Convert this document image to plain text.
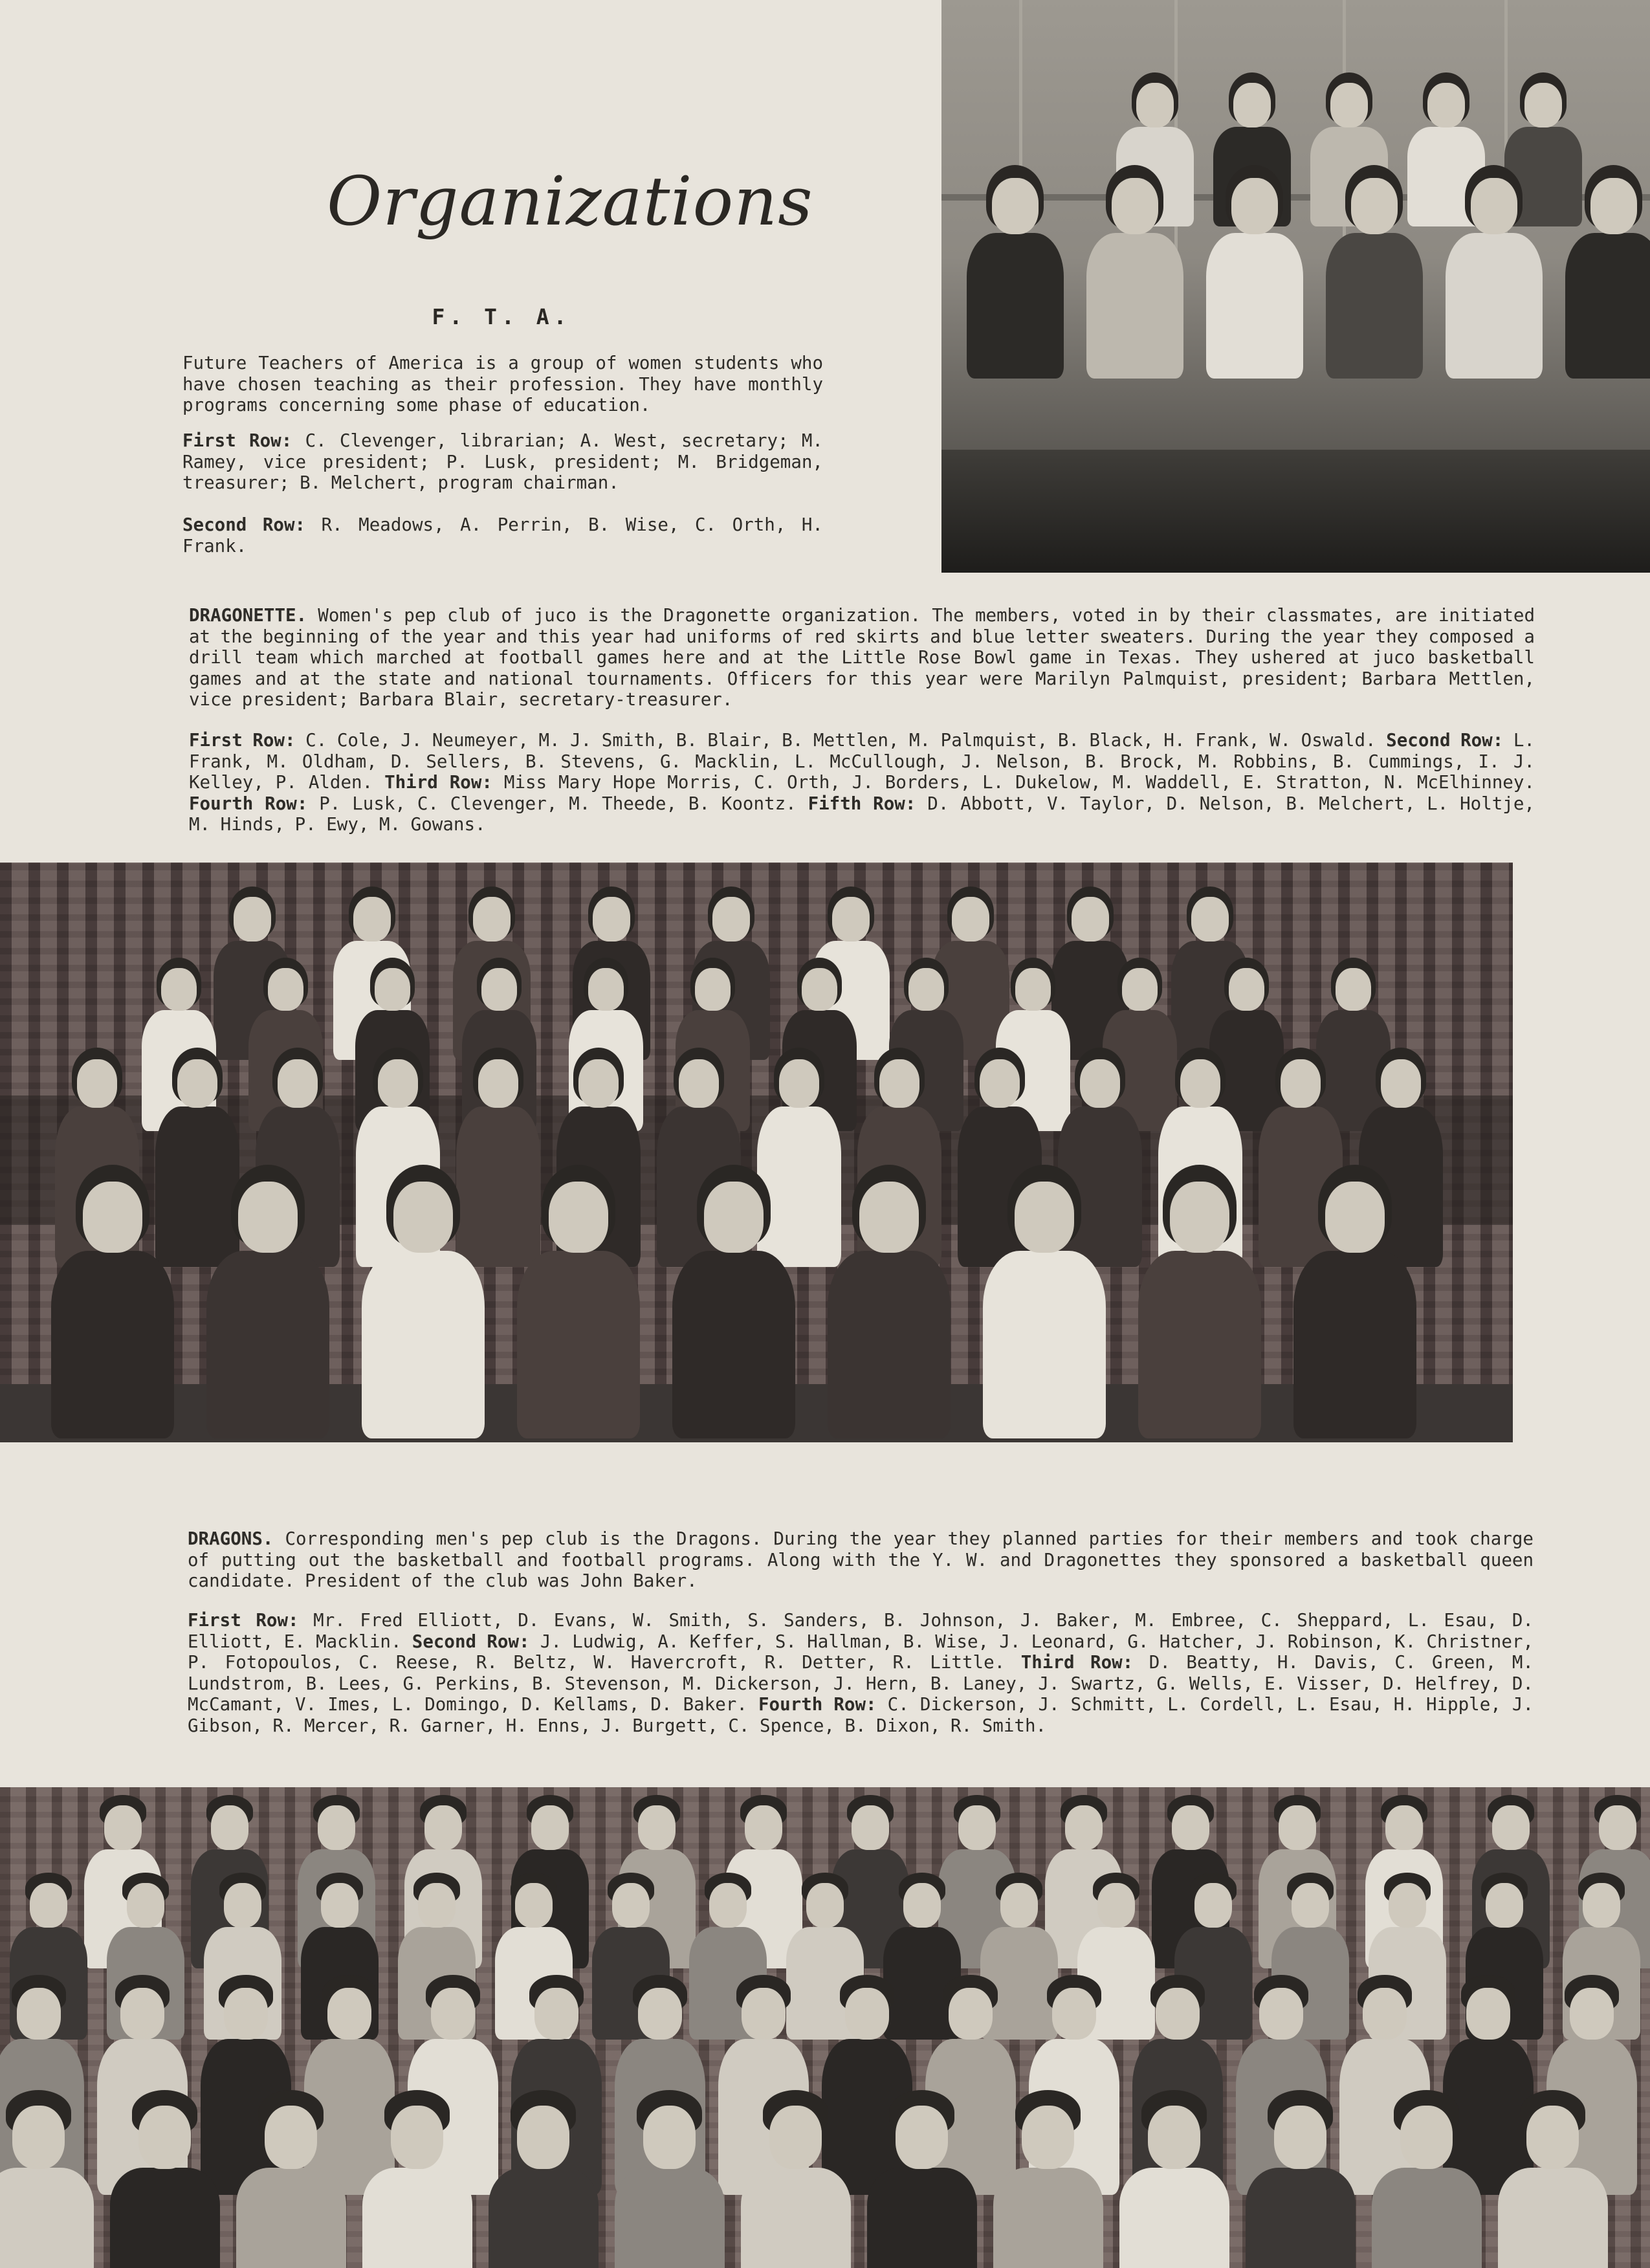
Organizations
F. T. A.

Future Teachers of America is a group of women students who have chosen teaching as their profession. They have monthly programs concerning some phase of education.

First Row: C. Clevenger, librarian; A. West, secretary; M. Ramey, vice president; P. Lusk, president; M. Bridgeman, treasurer; B. Melchert, program chairman.

Second Row: R. Meadows, A. Perrin, B. Wise, C. Orth, H. Frank.

DRAGONETTE. Women's pep club of juco is the Dragonette organization. The members, voted in by their classmates, are initiated at the beginning of the year and this year had uniforms of red skirts and blue letter sweaters. During the year they composed a drill team which marched at football games here and at the Little Rose Bowl game in Texas. They ushered at juco basketball games and at the state and national tournaments. Officers for this year were Marilyn Palmquist, president; Barbara Mettlen, vice president; Barbara Blair, secretary-treasurer.

First Row: C. Cole, J. Neumeyer, M. J. Smith, B. Blair, B. Mettlen, M. Palmquist, B. Black, H. Frank, W. Oswald. Second Row: L. Frank, M. Oldham, D. Sellers, B. Stevens, G. Macklin, L. McCullough, J. Nelson, B. Brock, M. Robbins, B. Cummings, I. J. Kelley, P. Alden. Third Row: Miss Mary Hope Morris, C. Orth, J. Borders, L. Dukelow, M. Waddell, E. Stratton, N. McElhinney. Fourth Row: P. Lusk, C. Clevenger, M. Theede, B. Koontz. Fifth Row: D. Abbott, V. Taylor, D. Nelson, B. Melchert, L. Holtje, M. Hinds, P. Ewy, M. Gowans.

DRAGONS. Corresponding men's pep club is the Dragons. During the year they planned parties for their members and took charge of putting out the basketball and football programs. Along with the Y. W. and Dragonettes they sponsored a basketball queen candidate. President of the club was John Baker.

First Row: Mr. Fred Elliott, D. Evans, W. Smith, S. Sanders, B. Johnson, J. Baker, M. Embree, C. Sheppard, L. Esau, D. Elliott, E. Macklin. Second Row: J. Ludwig, A. Keffer, S. Hallman, B. Wise, J. Leonard, G. Hatcher, J. Robinson, K. Christner, P. Fotopoulos, C. Reese, R. Beltz, W. Havercroft, R. Detter, R. Little. Third Row: D. Beatty, H. Davis, C. Green, M. Lundstrom, B. Lees, G. Perkins, B. Stevenson, M. Dickerson, J. Hern, B. Laney, J. Swartz, G. Wells, E. Visser, D. Helfrey, D. McCamant, V. Imes, L. Domingo, D. Kellams, D. Baker. Fourth Row: C. Dickerson, J. Schmitt, L. Cordell, L. Esau, H. Hipple, J. Gibson, R. Mercer, R. Garner, H. Enns, J. Burgett, C. Spence, B. Dixon, R. Smith.
